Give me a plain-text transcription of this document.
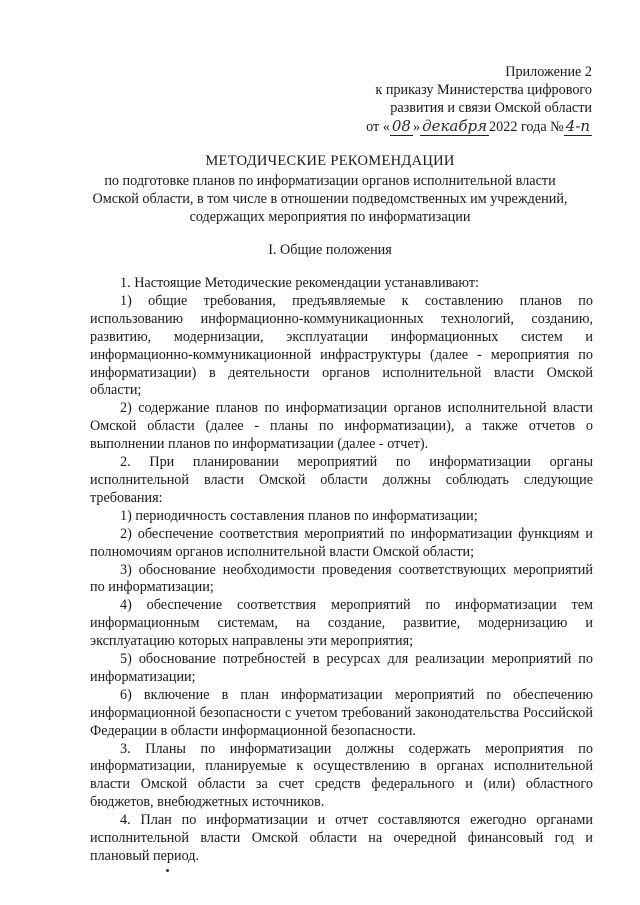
Приложение 2
к приказу Министерства цифрового
развития и связи Омской области
от « 08 » декабря 2022 года № 4-п
МЕТОДИЧЕСКИЕ РЕКОМЕНДАЦИИ
по подготовке планов по информатизации органов исполнительной власти
Омской области, в том числе в отношении подведомственных им учреждений,
содержащих мероприятия по информатизации
I. Общие положения

1. Настоящие Методические рекомендации устанавливают:

1) общие требования, предъявляемые к составлению планов по использованию информационно-коммуникационных технологий, созданию, развитию, модернизации, эксплуатации информационных систем и информационно-коммуникационной инфраструктуры (далее - мероприятия по информатизации) в деятельности органов исполнительной власти Омской области;

2) содержание планов по информатизации органов исполнительной власти Омской области (далее - планы по информатизации), а также отчетов о выполнении планов по информатизации (далее - отчет).

2. При планировании мероприятий по информатизации органы исполнительной власти Омской области должны соблюдать следующие требования:

1) периодичность составления планов по информатизации;

2) обеспечение соответствия мероприятий по информатизации функциям и полномочиям органов исполнительной власти Омской области;

3) обоснование необходимости проведения соответствующих мероприятий по информатизации;

4) обеспечение соответствия мероприятий по информатизации тем информационным системам, на создание, развитие, модернизацию и эксплуатацию которых направлены эти мероприятия;

5) обоснование потребностей в ресурсах для реализации мероприятий по информатизации;

6) включение в план информатизации мероприятий по обеспечению информационной безопасности с учетом требований законодательства Российской Федерации в области информационной безопасности.

3. Планы по информатизации должны содержать мероприятия по информатизации, планируемые к осуществлению в органах исполнительной власти Омской области за счет средств федерального и (или) областного бюджетов, внебюджетных источников.

4. План по информатизации и отчет составляются ежегодно органами исполнительной власти Омской области на очередной финансовый год и плановый период.
